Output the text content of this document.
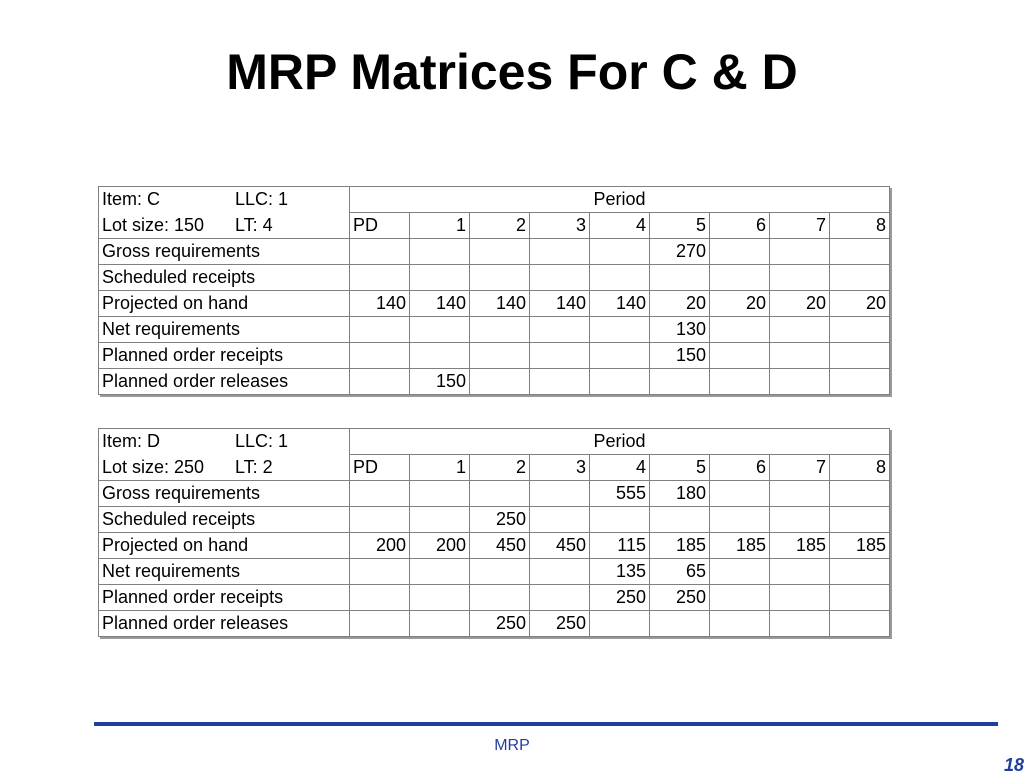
MRP Matrices For C & D
Item: C LLC: 1	Period								
Lot size: 150 LT: 4	PD	1	2	3	4	5	6	7	8
Gross requirements						270			
Scheduled receipts									
Projected on hand	140	140	140	140	140	20	20	20	20
Net requirements						130			
Planned order receipts						150			
Planned order releases		150							
Item: D LLC: 1	Period								
Lot size: 250 LT: 2	PD	1	2	3	4	5	6	7	8
Gross requirements					555	180			
Scheduled receipts			250						
Projected on hand	200	200	450	450	115	185	185	185	185
Net requirements					135	65			
Planned order receipts					250	250			
Planned order releases			250	250					
MRP
18
